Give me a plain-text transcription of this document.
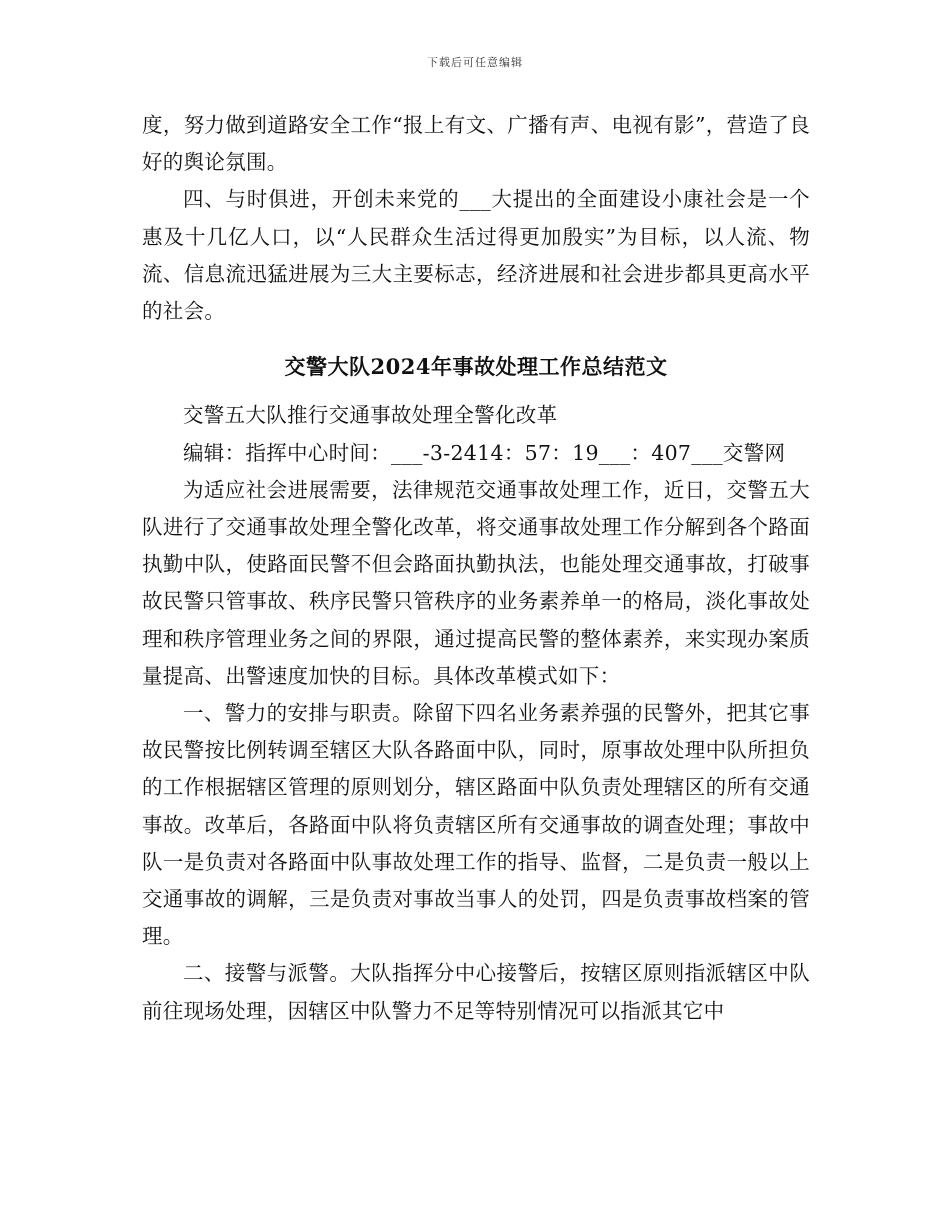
下载后可任意编辑

度，努力做到道路安全工作“报上有文、广播有声、电视有影”，营造了良好的舆论氛围。

四、与时俱进，开创未来党的___大提出的全面建设小康社会是一个惠及十几亿人口，以“人民群众生活过得更加殷实”为目标，以人流、物流、信息流迅猛进展为三大主要标志，经济进展和社会进步都具更高水平的社会。

交警大队2024年事故处理工作总结范文

交警五大队推行交通事故处理全警化改革

编辑：指挥中心时间：___-3-2414：57：19___：407___交警网

为适应社会进展需要，法律规范交通事故处理工作，近日，交警五大队进行了交通事故处理全警化改革，将交通事故处理工作分解到各个路面执勤中队，使路面民警不但会路面执勤执法，也能处理交通事故，打破事故民警只管事故、秩序民警只管秩序的业务素养单一的格局，淡化事故处理和秩序管理业务之间的界限，通过提高民警的整体素养，来实现办案质量提高、出警速度加快的目标。具体改革模式如下：

一、警力的安排与职责。除留下四名业务素养强的民警外，把其它事故民警按比例转调至辖区大队各路面中队，同时，原事故处理中队所担负的工作根据辖区管理的原则划分，辖区路面中队负责处理辖区的所有交通事故。改革后，各路面中队将负责辖区所有交通事故的调查处理；事故中队一是负责对各路面中队事故处理工作的指导、监督，二是负责一般以上交通事故的调解，三是负责对事故当事人的处罚，四是负责事故档案的管理。

二、接警与派警。大队指挥分中心接警后，按辖区原则指派辖区中队前往现场处理，因辖区中队警力不足等特别情况可以指派其它中
